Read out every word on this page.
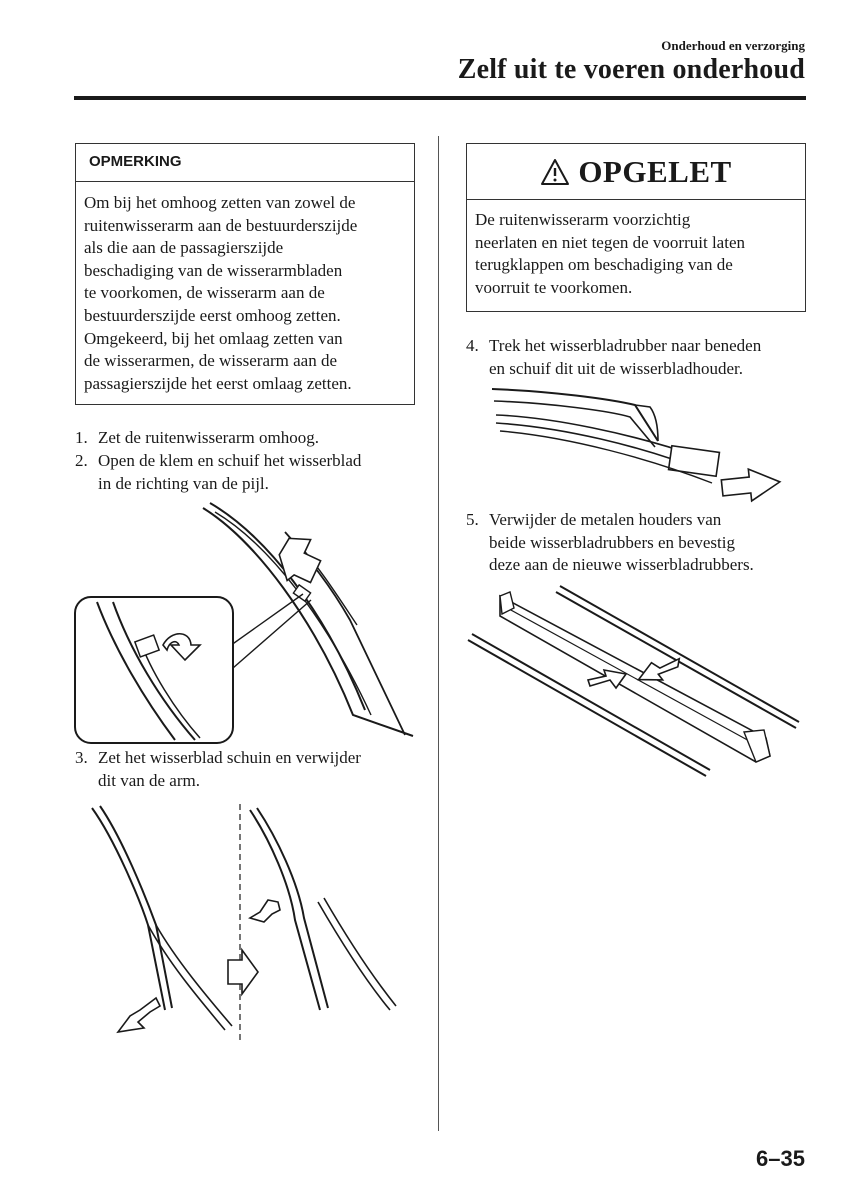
Onderhoud en verzorging
Zelf uit te voeren onderhoud
OPMERKING
Om bij het omhoog zetten van zowel de
ruitenwisserarm aan de bestuurderszijde
als die aan de passagierszijde
beschadiging van de wisserarmbladen
te voorkomen, de wisserarm aan de
bestuurderszijde eerst omhoog zetten.
Omgekeerd, bij het omlaag zetten van
de wisserarmen, de wisserarm aan de
passagierszijde het eerst omlaag zetten.
OPGELET
De ruitenwisserarm voorzichtig
neerlaten en niet tegen de voorruit laten
terugklappen om beschadiging van de
voorruit te voorkomen.
1. Zet de ruitenwisserarm omhoog.
2. Open de klem en schuif het wisserblad
in de richting van de pijl.
3. Zet het wisserblad schuin en verwijder
dit van de arm.
4. Trek het wisserbladrubber naar beneden
en schuif dit uit de wisserbladhouder.
5. Verwijder de metalen houders van
beide wisserbladrubbers en bevestig
deze aan de nieuwe wisserbladrubbers.
6–35
